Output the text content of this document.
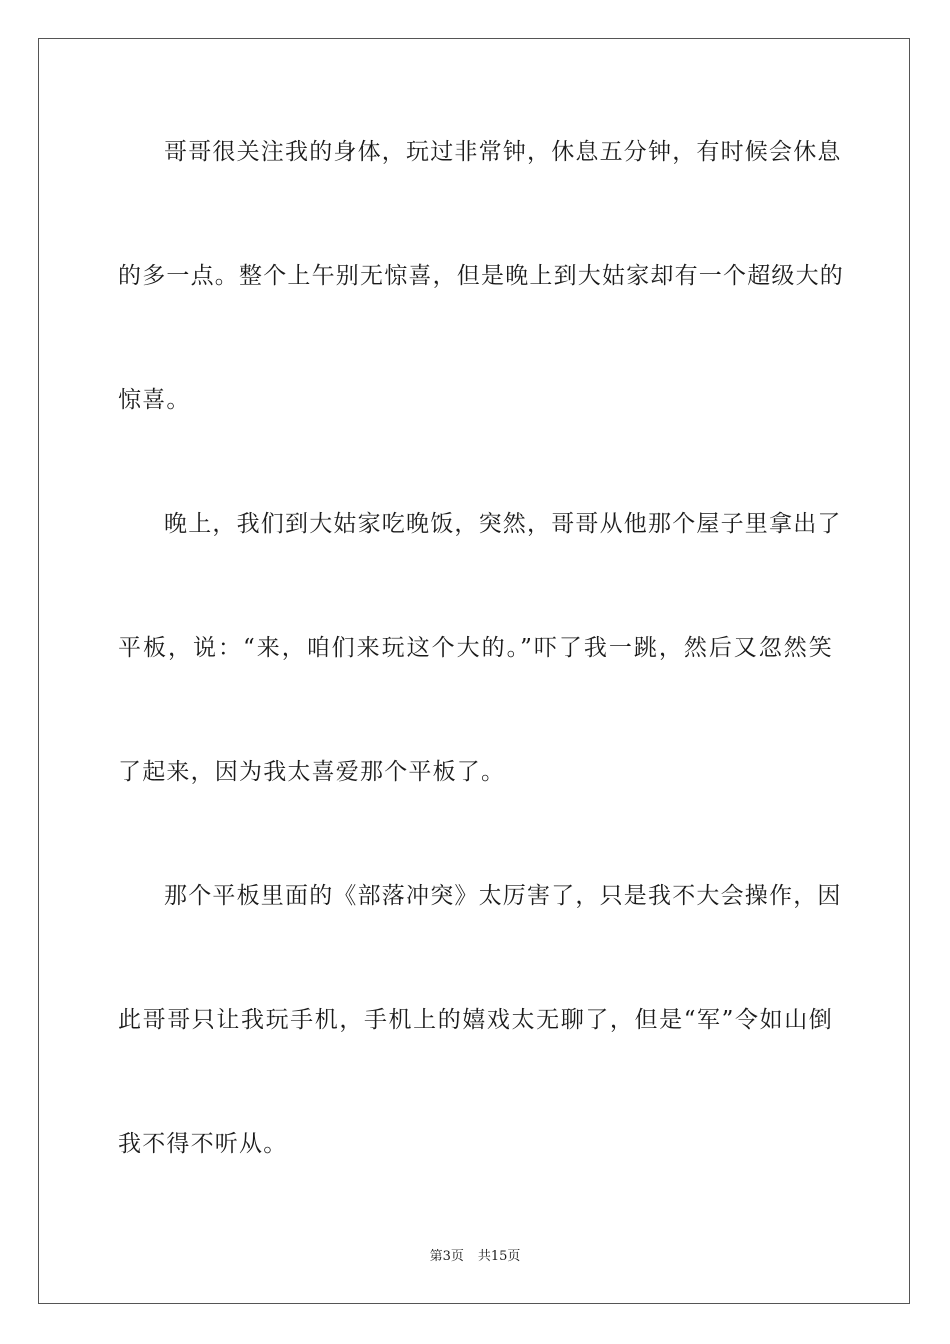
哥哥很关注我的身体，玩过非常钟，休息五分钟，有时候会休息
的多一点。整个上午别无惊喜，但是晚上到大姑家却有一个超级大的
惊喜。
晚上，我们到大姑家吃晚饭，突然，哥哥从他那个屋子里拿出了
平板，说：“来，咱们来玩这个大的。”吓了我一跳，然后又忽然笑
了起来，因为我太喜爱那个平板了。
那个平板里面的《部落冲突》太厉害了，只是我不大会操作，因
此哥哥只让我玩手机，手机上的嬉戏太无聊了，但是“军”令如山倒
我不得不听从。
第3页 共15页
